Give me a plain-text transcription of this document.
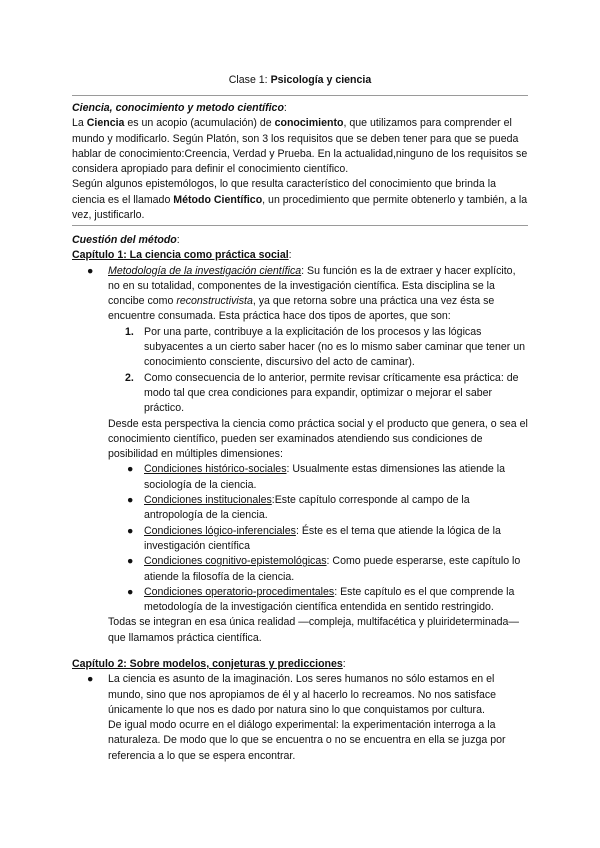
Clase 1: Psicología y ciencia

Ciencia, conocimiento y metodo científico:

La Ciencia es un acopio (acumulación) de conocimiento, que utilizamos para comprender el mundo y modificarlo. Según Platón, son 3 los requisitos que se deben tener para que se pueda hablar de conocimiento:Creencia, Verdad y Prueba. En la actualidad,ninguno de los requisitos se considera apropiado para definir el conocimiento científico.

Según algunos epistemólogos, lo que resulta característico del conocimiento que brinda la ciencia es el llamado Método Científico, un procedimiento que permite obtenerlo y también, a la vez, justificarlo.

Cuestión del método:

Capítulo 1: La ciencia como práctica social:

● Metodología de la investigación científica: Su función es la de extraer y hacer explícito, no en su totalidad, componentes de la investigación científica. Esta disciplina se la concibe como reconstructivista, ya que retorna sobre una práctica una vez ésta se encuentre consumada. Esta práctica hace dos tipos de aportes, que son:

1. Por una parte, contribuye a la explicitación de los procesos y las lógicas subyacentes a un cierto saber hacer (no es lo mismo saber caminar que tener un conocimiento consciente, discursivo del acto de caminar).

2. Como consecuencia de lo anterior, permite revisar críticamente esa práctica: de modo tal que crea condiciones para expandir, optimizar o mejorar el saber práctico.

Desde esta perspectiva la ciencia como práctica social y el producto que genera, o sea el conocimiento científico, pueden ser examinados atendiendo sus condiciones de posibilidad en múltiples dimensiones:

● Condiciones histórico-sociales: Usualmente estas dimensiones las atiende la sociología de la ciencia.

● Condiciones institucionales:Este capítulo corresponde al campo de la antropología de la ciencia.

● Condiciones lógico-inferenciales: Éste es el tema que atiende la lógica de la investigación científica

● Condiciones cognitivo-epistemológicas: Como puede esperarse, este capítulo lo atiende la filosofía de la ciencia.

● Condiciones operatorio-procedimentales: Este capítulo es el que comprende la metodología de la investigación científica entendida en sentido restringido.

Todas se integran en esa única realidad —compleja, multifacética y pluirideterminada— que llamamos práctica científica.

Capítulo 2: Sobre modelos, conjeturas y predicciones:

● La ciencia es asunto de la imaginación. Los seres humanos no sólo estamos en el mundo, sino que nos apropiamos de él y al hacerlo lo recreamos. No nos satisface únicamente lo que nos es dado por natura sino lo que conquistamos por cultura.

De igual modo ocurre en el diálogo experimental: la experimentación interroga a la naturaleza. De modo que lo que se encuentra o no se encuentra en ella se juzga por referencia a lo que se espera encontrar.
